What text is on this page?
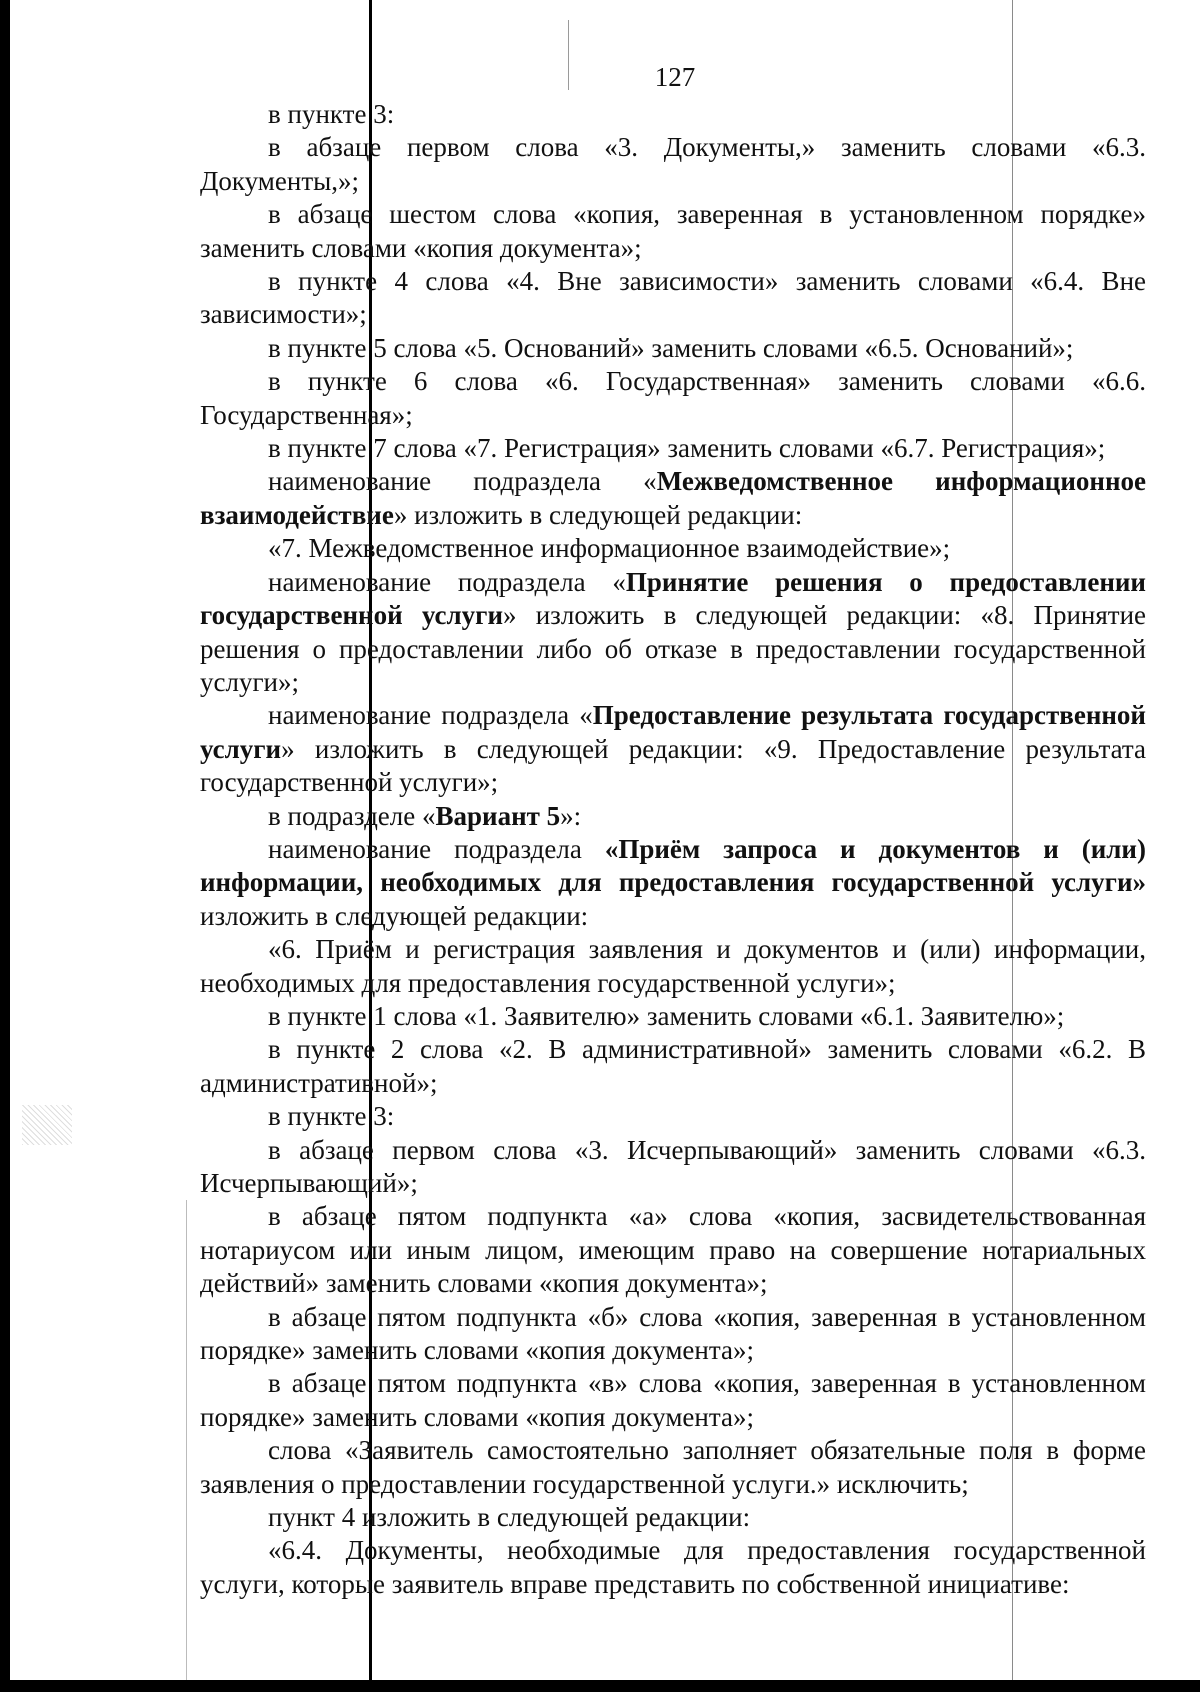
127

в пункте 3:

в абзаце первом слова «3. Документы,» заменить словами «6.3. Документы,»;

в абзаце шестом слова «копия, заверенная в установленном порядке» заменить словами «копия документа»;

в пункте 4 слова «4. Вне зависимости» заменить словами «6.4. Вне зависимости»;

в пункте 5 слова «5. Оснований» заменить словами «6.5. Оснований»;

в пункте 6 слова «6. Государственная» заменить словами «6.6. Государственная»;

в пункте 7 слова «7. Регистрация» заменить словами «6.7. Регистрация»;

наименование подраздела «Межведомственное информационное взаимодействие» изложить в следующей редакции:

«7. Межведомственное информационное взаимодействие»;

наименование подраздела «Принятие решения о предоставлении государственной услуги» изложить в следующей редакции: «8. Принятие решения о предоставлении либо об отказе в предоставлении государственной услуги»;

наименование подраздела «Предоставление результата государственной услуги» изложить в следующей редакции: «9. Предоставление результата государственной услуги»;

в подразделе «Вариант 5»:

наименование подраздела «Приём запроса и документов и (или) информации, необходимых для предоставления государственной услуги» изложить в следующей редакции:

«6. Приём и регистрация заявления и документов и (или) информации, необходимых для предоставления государственной услуги»;

в пункте 1 слова «1. Заявителю» заменить словами «6.1. Заявителю»;

в пункте 2 слова «2. В административной» заменить словами «6.2. В административной»;

в пункте 3:

в абзаце первом слова «3. Исчерпывающий» заменить словами «6.3. Исчерпывающий»;

в абзаце пятом подпункта «а» слова «копия, засвидетельствованная нотариусом или иным лицом, имеющим право на совершение нотариальных действий» заменить словами «копия документа»;

в абзаце пятом подпункта «б» слова «копия, заверенная в установленном порядке» заменить словами «копия документа»;

в абзаце пятом подпункта «в» слова «копия, заверенная в установленном порядке» заменить словами «копия документа»;

слова «Заявитель самостоятельно заполняет обязательные поля в форме заявления о предоставлении государственной услуги.» исключить;

пункт 4 изложить в следующей редакции:

«6.4. Документы, необходимые для предоставления государственной услуги, которые заявитель вправе представить по собственной инициативе:
